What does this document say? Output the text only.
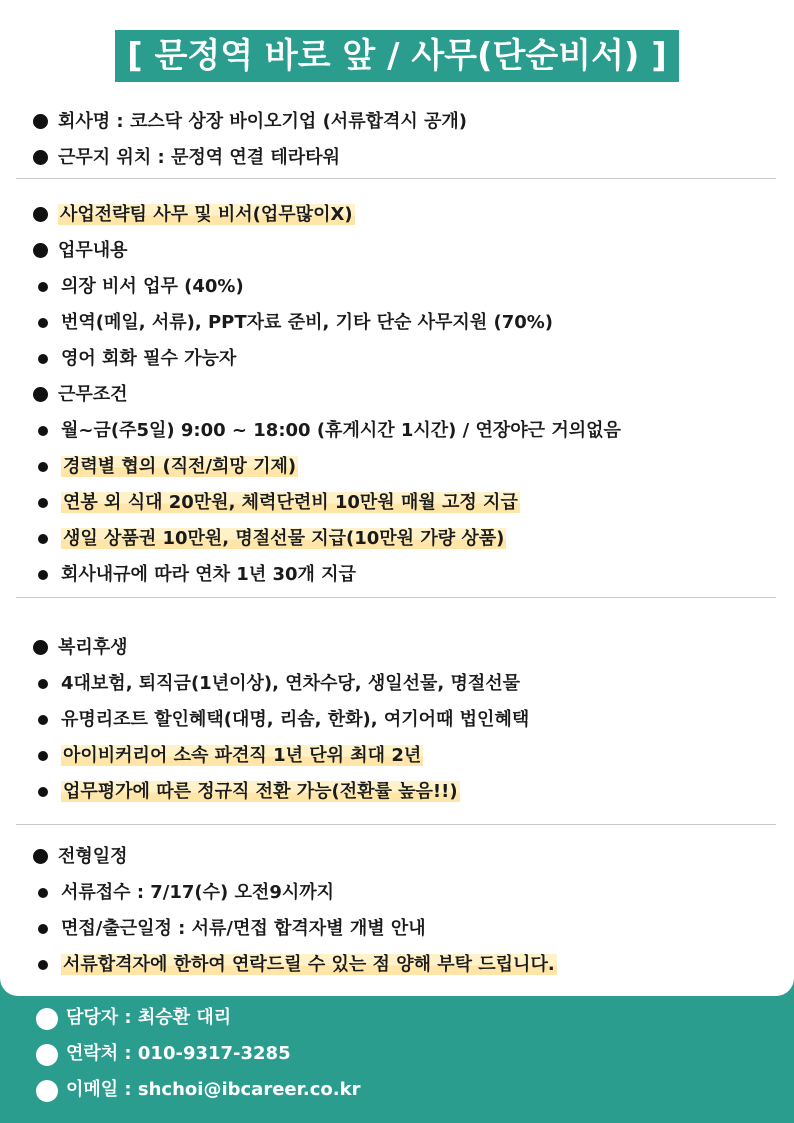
[ 문정역 바로 앞 / 사무(단순비서) ]
회사명 : 코스닥 상장 바이오기업 (서류합격시 공개)
근무지 위치 : 문정역 연결 테라타워
사업전략팀 사무 및 비서(업무많이X)
업무내용
의장 비서 업무 (40%)
번역(메일, 서류), PPT자료 준비, 기타 단순 사무지원 (70%)
영어 회화 필수 가능자
근무조건
월~금(주5일) 9:00 ~ 18:00 (휴게시간 1시간) / 연장야근 거의없음
경력별 협의 (직전/희망 기제)
연봉 외 식대 20만원, 체력단련비 10만원 매월 고정 지급
생일 상품권 10만원, 명절선물 지급(10만원 가량 상품)
회사내규에 따라 연차 1년 30개 지급
복리후생
4대보험, 퇴직금(1년이상), 연차수당, 생일선물, 명절선물
유명리조트 할인혜택(대명, 리솜, 한화), 여기어때 법인혜택
아이비커리어 소속 파견직 1년 단위 최대 2년
업무평가에 따른 정규직 전환 가능(전환률 높음!!)
전형일정
서류접수 : 7/17(수) 오전9시까지
면접/출근일정 : 서류/면접 합격자별 개별 안내
서류합격자에 한하여 연락드릴 수 있는 점 양해 부탁 드립니다.
담당자 : 최승환 대리
연락처 : 010-9317-3285
이메일 : shchoi@ibcareer.co.kr
